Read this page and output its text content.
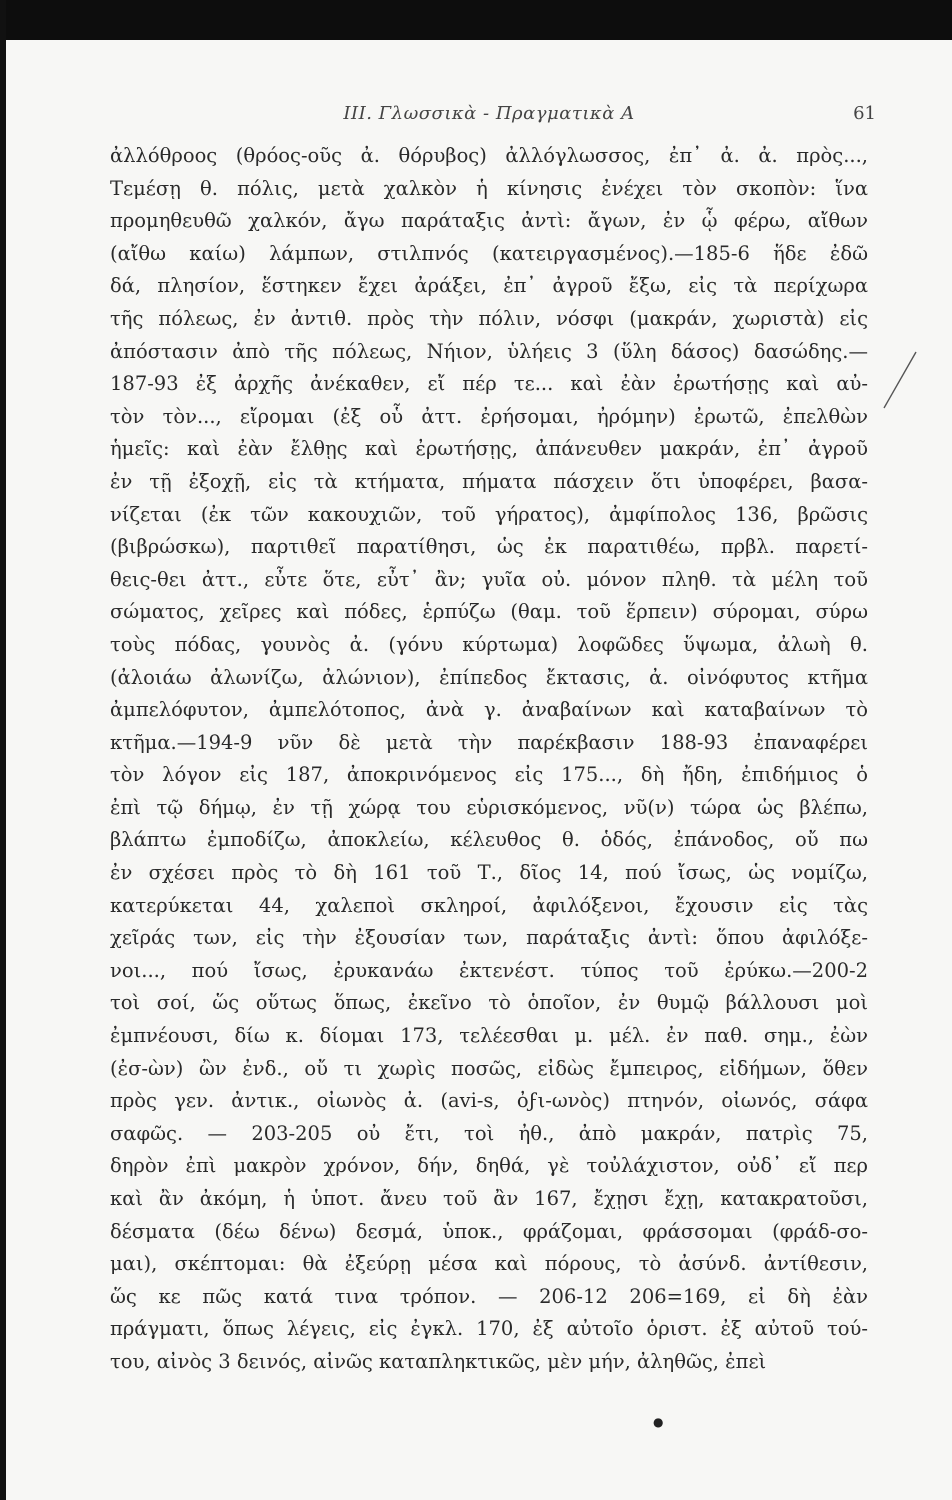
III. Γλωσσικὰ - Πραγματικὰ Α	61
ἀλλόθροος (θρόος-οῦς ἀ. θόρυβος) ἀλλόγλωσσος, ἐπ᾽ ἀ. ἀ. πρὸς...,
Τεμέσῃ θ. πόλις, μετὰ χαλκὸν ἡ κίνησις ἐνέχει τὸν σκοπὸν: ἵνα
προμηθευθῶ χαλκόν, ἄγω παράταξις ἀντὶ: ἄγων, ἐν ᾧ φέρω, αἴθων
(αἴθω καίω) λάμπων, στιλπνός (κατειργασμένος).—185-6 ἥδε ἐδῶ
δά, πλησίον, ἕστηκεν ἔχει ἀράξει, ἐπ᾽ ἀγροῦ ἔξω, εἰς τὰ περίχωρα
τῆς πόλεως, ἐν ἀντιθ. πρὸς τὴν πόλιν, νόσφι (μακράν, χωριστὰ) εἰς
ἀπόστασιν ἀπὸ τῆς πόλεως, Νήιον, ὑλήεις 3 (ὕλη δάσος) δασώδης.—
187-93 ἐξ ἀρχῆς ἀνέκαθεν, εἴ πέρ τε... καὶ ἐὰν ἐρωτήσῃς καὶ αὐ-
τὸν τὸν..., εἴρομαι (ἐξ οὗ ἀττ. ἐρήσομαι, ἠρόμην) ἐρωτῶ, ἐπελθὼν
ἡμεῖς: καὶ ἐὰν ἔλθῃς καὶ ἐρωτήσῃς, ἀπάνευθεν μακράν, ἐπ᾽ ἀγροῦ
ἐν τῇ ἐξοχῇ, εἰς τὰ κτήματα, πήματα πάσχειν ὅτι ὑποφέρει, βασα-
νίζεται (ἐκ τῶν κακουχιῶν, τοῦ γήρατος), ἀμφίπολος 136, βρῶσις
(βιβρώσκω), παρτιθεῖ παρατίθησι, ὡς ἐκ παρατιθέω, πρβλ. παρετί-
θεις-θει ἀττ., εὖτε ὅτε, εὖτ᾽ ἂν; γυῖα οὐ. μόνον πληθ. τὰ μέλη τοῦ
σώματος, χεῖρες καὶ πόδες, ἑρπύζω (θαμ. τοῦ ἕρπειν) σύρομαι, σύρω
τοὺς πόδας, γουνὸς ἀ. (γόνυ κύρτωμα) λοφῶδες ὕψωμα, ἀλωὴ θ.
(ἀλοιάω ἀλωνίζω, ἀλώνιον), ἐπίπεδος ἔκτασις, ἀ. οἰνόφυτος κτῆμα
ἀμπελόφυτον, ἀμπελότοπος, ἀνὰ γ. ἀναβαίνων καὶ καταβαίνων τὸ
κτῆμα.—194-9 νῦν δὲ μετὰ τὴν παρέκβασιν 188-93 ἐπαναφέρει
τὸν λόγον εἰς 187, ἀποκρινόμενος εἰς 175..., δὴ ἤδη, ἐπιδήμιος ὁ
ἐπὶ τῷ δήμῳ, ἐν τῇ χώρᾳ του εὑρισκόμενος, νῦ(ν) τώρα ὡς βλέπω,
βλάπτω ἐμποδίζω, ἀποκλείω, κέλευθος θ. ὁδός, ἐπάνοδος, οὔ πω
ἐν σχέσει πρὸς τὸ δὴ 161 τοῦ Τ., δῖος 14, πού ἴσως, ὡς νομίζω,
κατερύκεται 44, χαλεποὶ σκληροί, ἀφιλόξενοι, ἔχουσιν εἰς τὰς
χεῖράς των, εἰς τὴν ἐξουσίαν των, παράταξις ἀντὶ: ὅπου ἀφιλόξε-
νοι..., πού ἴσως, ἐρυκανάω ἐκτενέστ. τύπος τοῦ ἐρύκω.—200-2
τοὶ σοί, ὥς οὕτως ὅπως, ἐκεῖνο τὸ ὁποῖον, ἐν θυμῷ βάλλουσι μοὶ
ἐμπνέουσι, δίω κ. δίομαι 173, τελέεσθαι μ. μέλ. ἐν παθ. σημ., ἐὼν
(ἐσ-ὼν) ὢν ἐνδ., οὔ τι χωρὶς ποσῶς, εἰδὼς ἔμπειρος, εἰδήμων, ὅθεν
πρὸς γεν. ἀντικ., οἰωνὸς ἀ. (avi-s, ὀϝι-ωνὸς) πτηνόν, οἰωνός, σάφα
σαφῶς. — 203-205 οὐ ἔτι, τοὶ ἠθ., ἀπὸ μακράν, πατρὶς 75,
δηρὸν ἐπὶ μακρὸν χρόνον, δήν, δηθά, γὲ τοὐλάχιστον, οὐδ᾽ εἴ περ
καὶ ἂν ἀκόμη, ἡ ὑποτ. ἄνευ τοῦ ἂν 167, ἔχῃσι ἔχῃ, κατακρατοῦσι,
δέσματα (δέω δένω) δεσμά, ὑποκ., φράζομαι, φράσσομαι (φράδ-σο-
μαι), σκέπτομαι: θὰ ἐξεύρῃ μέσα καὶ πόρους, τὸ ἀσύνδ. ἀντίθεσιν,
ὥς κε πῶς κατά τινα τρόπον. — 206-12 206=169, εἰ δὴ ἐὰν
πράγματι, ὅπως λέγεις, εἰς ἐγκλ. 170, ἐξ αὐτοῖο ὁριστ. ἐξ αὐτοῦ τού-
του, αἰνὸς 3 δεινός, αἰνῶς καταπληκτικῶς, μὲν μήν, ἀληθῶς, ἐπεὶ
●
